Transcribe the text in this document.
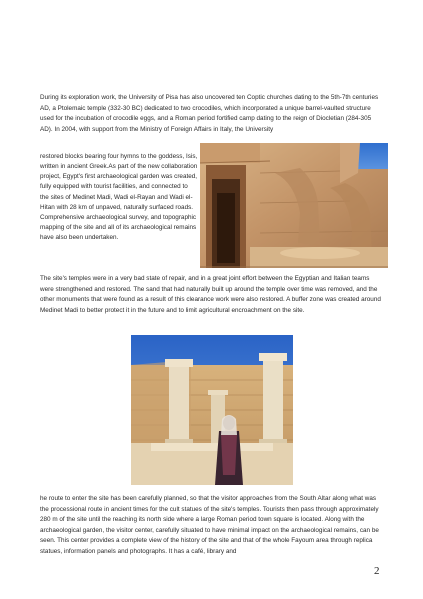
During its exploration work, the University of Pisa has also uncovered ten Coptic churches dating to the 5th-7th centuries AD, a Ptolemaic temple (332-30 BC) dedicated to two crocodiles, which incorporated a unique barrel-vaulted structure used for the incubation of crocodile eggs, and a Roman period fortified camp dating to the reign of Diocletian (284-305 AD). In 2004, with support from the Ministry of Foreign Affairs in Italy, the University

restored blocks bearing four hymns to the goddess, Isis, written in ancient Greek.As part of the new collaboration project, Egypt's first archaeological garden was created, fully equipped with tourist facilities, and connected to the sites of Medinet Madi, Wadi el-Rayan and Wadi el-Hitan with 28 km of unpaved, naturally surfaced roads. Comprehensive archaeological survey, and topographic mapping of the site and all of its archaeological remains have also been undertaken.

The site's temples were in a very bad state of repair, and in a great joint effort between the Egyptian and Italian teams were strengthened and restored. The sand that had naturally built up around the temple over time was removed, and the other monuments that were found as a result of this clearance work were also restored. A buffer zone was created around Medinet Madi to better protect it in the future and to limit agricultural encroachment on the site.

he route to enter the site has been carefully planned, so that the visitor approaches from the South Altar along what was the processional route in ancient times for the cult statues of the site's temples. Tourists then pass through approximately 280 m of the site until the reaching its north side where a large Roman period town square is located. Along with the archaeological garden, the visitor center, carefully situated to have minimal impact on the archaeological remains, can be seen. This center provides a complete view of the history of the site and that of the whole Fayoum area through replica statues, information panels and photographs. It has a café, library and

2
